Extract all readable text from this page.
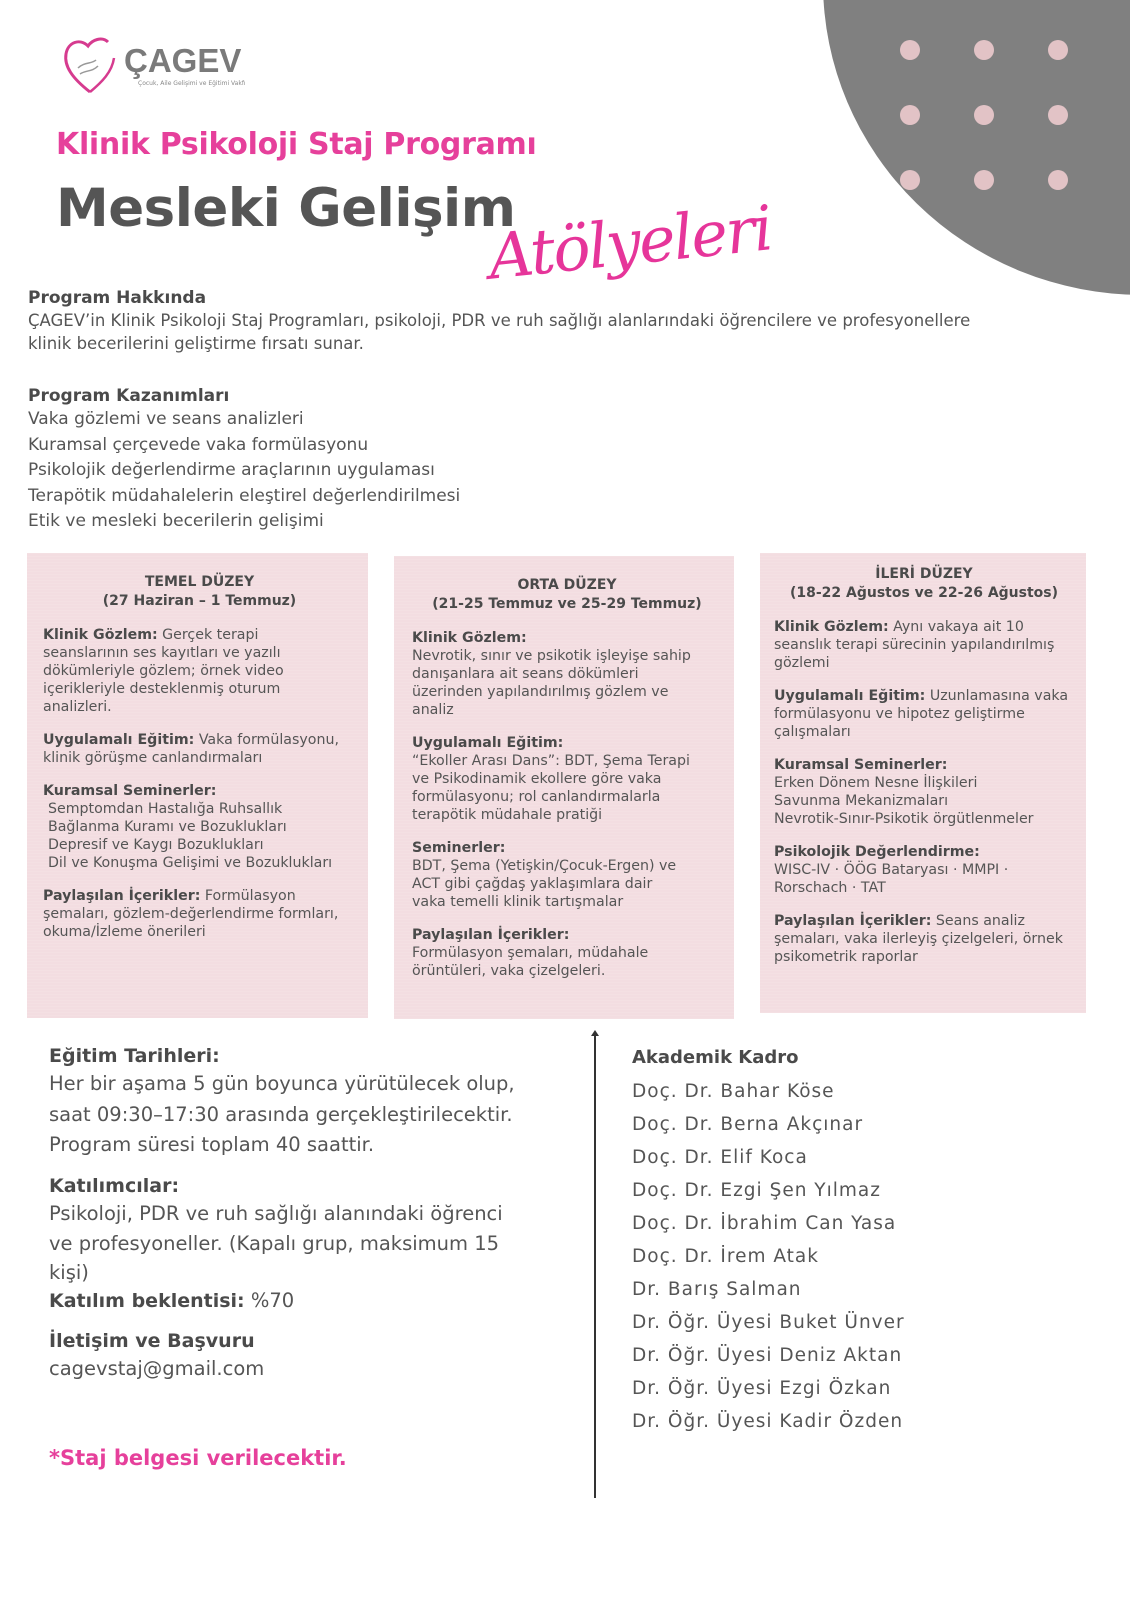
ÇAGEV
Çocuk, Aile Gelişimi ve Eğitimi Vakfı
Klinik Psikoloji Staj Programı
Mesleki Gelişim
Atölyeleri
Program Hakkında
ÇAGEV’in Klinik Psikoloji Staj Programları, psikoloji, PDR ve ruh sağlığı alanlarındaki öğrencilere ve profesyonellere
klinik becerilerini geliştirme fırsatı sunar.
Program Kazanımları
Vaka gözlemi ve seans analizleri
Kuramsal çerçevede vaka formülasyonu
Psikolojik değerlendirme araçlarının uygulaması
Terapötik müdahalelerin eleştirel değerlendirilmesi
Etik ve mesleki becerilerin gelişimi
TEMEL DÜZEY
(27 Haziran – 1 Temmuz)
Klinik Gözlem: Gerçek terapi
seanslarının ses kayıtları ve yazılı
dökümleriyle gözlem; örnek video
içerikleriyle desteklenmiş oturum
analizleri.
Uygulamalı Eğitim: Vaka formülasyonu,
klinik görüşme canlandırmaları
Kuramsal Seminerler:
Semptomdan Hastalığa Ruhsallık
Bağlanma Kuramı ve Bozuklukları
Depresif ve Kaygı Bozuklukları
Dil ve Konuşma Gelişimi ve Bozuklukları
Paylaşılan İçerikler: Formülasyon
şemaları, gözlem-değerlendirme formları,
okuma/İzleme önerileri
ORTA DÜZEY
(21-25 Temmuz ve 25-29 Temmuz)
Klinik Gözlem:
Nevrotik, sınır ve psikotik işleyişe sahip
danışanlara ait seans dökümleri
üzerinden yapılandırılmış gözlem ve
analiz
Uygulamalı Eğitim:
“Ekoller Arası Dans”: BDT, Şema Terapi
ve Psikodinamik ekollere göre vaka
formülasyonu; rol canlandırmalarla
terapötik müdahale pratiği
Seminerler:
BDT, Şema (Yetişkin/Çocuk-Ergen) ve
ACT gibi çağdaş yaklaşımlara dair
vaka temelli klinik tartışmalar
Paylaşılan İçerikler:
Formülasyon şemaları, müdahale
örüntüleri, vaka çizelgeleri.
İLERİ DÜZEY
(18-22 Ağustos ve 22-26 Ağustos)
Klinik Gözlem: Aynı vakaya ait 10
seanslık terapi sürecinin yapılandırılmış
gözlemi
Uygulamalı Eğitim: Uzunlamasına vaka
formülasyonu ve hipotez geliştirme
çalışmaları
Kuramsal Seminerler:
Erken Dönem Nesne İlişkileri
Savunma Mekanizmaları
Nevrotik-Sınır-Psikotik örgütlenmeler
Psikolojik Değerlendirme:
WISC-IV · ÖÖG Bataryası · MMPI ·
Rorschach · TAT
Paylaşılan İçerikler: Seans analiz
şemaları, vaka ilerleyiş çizelgeleri, örnek
psikometrik raporlar
Eğitim Tarihleri:
Her bir aşama 5 gün boyunca yürütülecek olup,
saat 09:30–17:30 arasında gerçekleştirilecektir.
Program süresi toplam 40 saattir.
Katılımcılar:
Psikoloji, PDR ve ruh sağlığı alanındaki öğrenci
ve profesyoneller. (Kapalı grup, maksimum 15
kişi)
Katılım beklentisi: %70
İletişim ve Başvuru
cagevstaj@gmail.com
*Staj belgesi verilecektir.
Akademik Kadro
Doç. Dr. Bahar Köse
Doç. Dr. Berna Akçınar
Doç. Dr. Elif Koca
Doç. Dr. Ezgi Şen Yılmaz
Doç. Dr. İbrahim Can Yasa
Doç. Dr. İrem Atak
Dr. Barış Salman
Dr. Öğr. Üyesi Buket Ünver
Dr. Öğr. Üyesi Deniz Aktan
Dr. Öğr. Üyesi Ezgi Özkan
Dr. Öğr. Üyesi Kadir Özden
